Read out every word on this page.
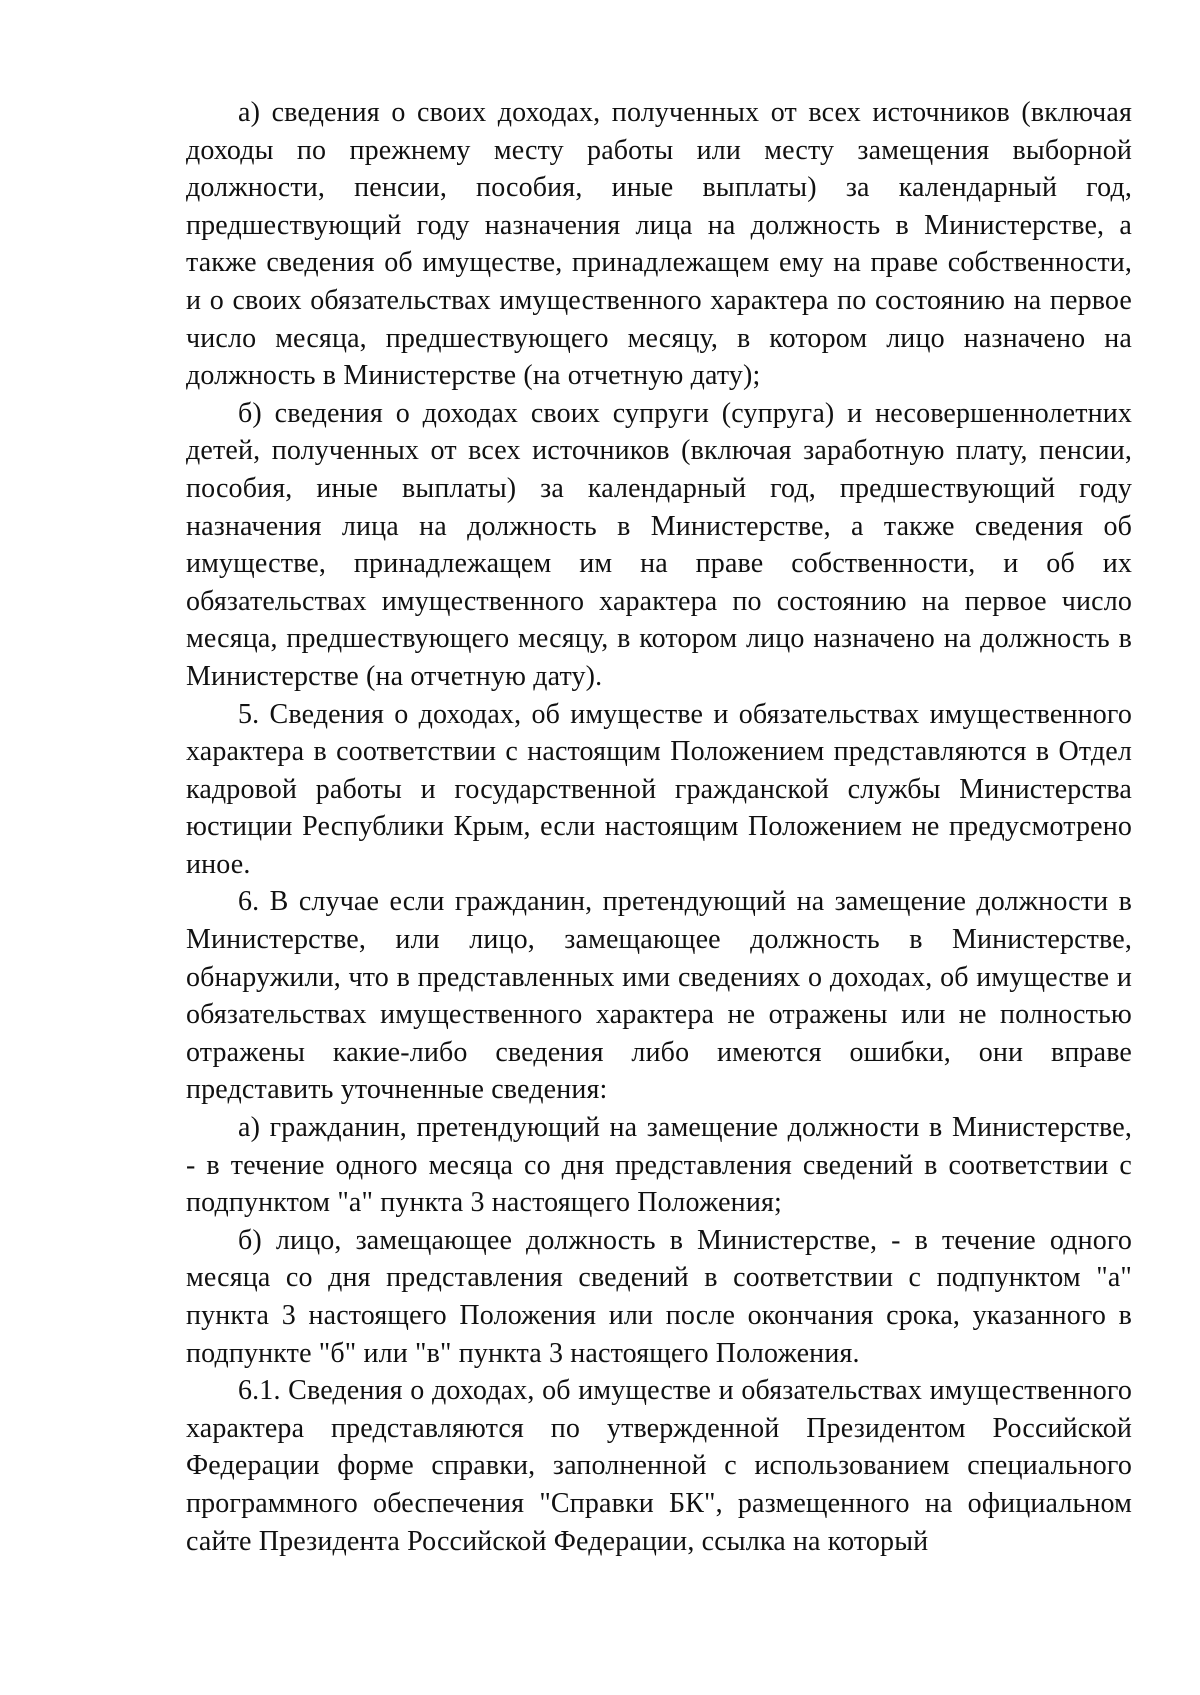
а) сведения о своих доходах, полученных от всех источников (включая доходы по прежнему месту работы или месту замещения выборной должности, пенсии, пособия, иные выплаты) за календарный год, предшествующий году назначения лица на должность в Министерстве, а также сведения об имуществе, принадлежащем ему на праве собственности, и о своих обязательствах имущественного характера по состоянию на первое число месяца, предшествующего месяцу, в котором лицо назначено на должность в Министерстве (на отчетную дату);

б) сведения о доходах своих супруги (супруга) и несовершеннолетних детей, полученных от всех источников (включая заработную плату, пенсии, пособия, иные выплаты) за календарный год, предшествующий году назначения лица на должность в Министерстве, а также сведения об имуществе, принадлежащем им на праве собственности, и об их обязательствах имущественного характера по состоянию на первое число месяца, предшествующего месяцу, в котором лицо назначено на должность в Министерстве (на отчетную дату).

5. Сведения о доходах, об имуществе и обязательствах имущественного характера в соответствии с настоящим Положением представляются в Отдел кадровой работы и государственной гражданской службы Министерства юстиции Республики Крым, если настоящим Положением не предусмотрено иное.

6. В случае если гражданин, претендующий на замещение должности в Министерстве, или лицо, замещающее должность в Министерстве, обнаружили, что в представленных ими сведениях о доходах, об имуществе и обязательствах имущественного характера не отражены или не полностью отражены какие-либо сведения либо имеются ошибки, они вправе представить уточненные сведения:

а) гражданин, претендующий на замещение должности в Министерстве, - в течение одного месяца со дня представления сведений в соответствии с подпунктом "а" пункта 3 настоящего Положения;

б) лицо, замещающее должность в Министерстве, - в течение одного месяца со дня представления сведений в соответствии с подпунктом "а" пункта 3 настоящего Положения или после окончания срока, указанного в подпункте "б" или "в" пункта 3 настоящего Положения.

6.1. Сведения о доходах, об имуществе и обязательствах имущественного характера представляются по утвержденной Президентом Российской Федерации форме справки, заполненной с использованием специального программного обеспечения "Справки БК", размещенного на официальном сайте Президента Российской Федерации, ссылка на который
